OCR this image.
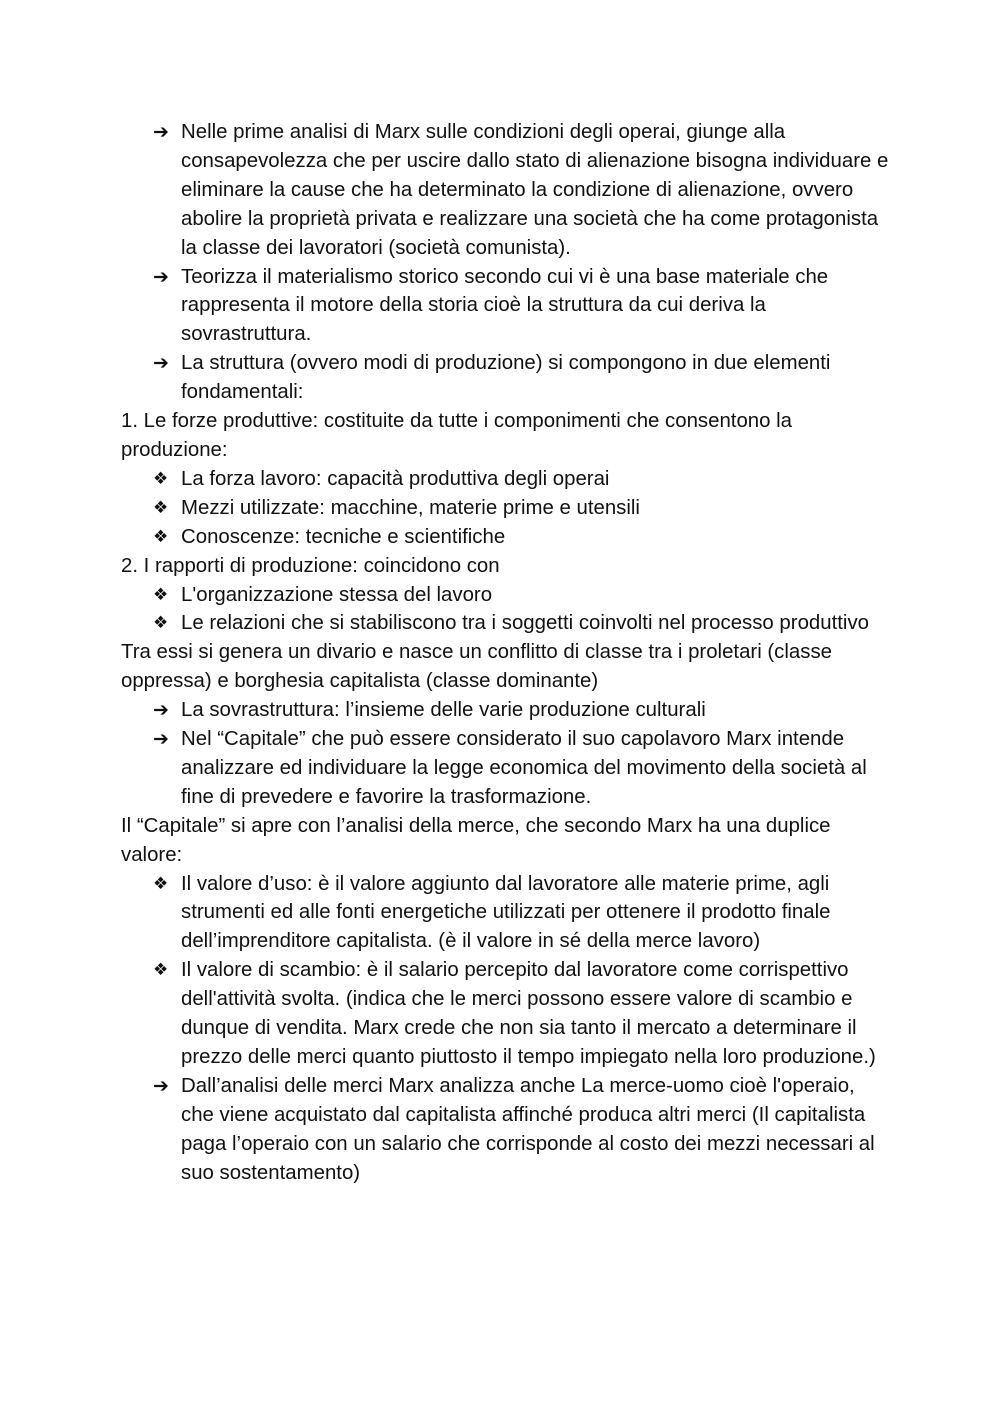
➔ Nelle prime analisi di Marx sulle condizioni degli operai, giunge alla consapevolezza che per uscire dallo stato di alienazione bisogna individuare e eliminare la cause che ha determinato la condizione di alienazione, ovvero abolire la proprietà privata e realizzare una società che ha come protagonista la classe dei lavoratori (società comunista).
➔ Teorizza il materialismo storico secondo cui vi è una base materiale che rappresenta il motore della storia cioè la struttura da cui deriva la sovrastruttura.
➔ La struttura (ovvero modi di produzione) si compongono in due elementi fondamentali:

1. Le forze produttive: costituite da tutte i componimenti che consentono la produzione:

❖ La forza lavoro: capacità produttiva degli operai
❖ Mezzi utilizzate: macchine, materie prime e utensili
❖ Conoscenze: tecniche e scientifiche

2. I rapporti di produzione: coincidono con

❖ L'organizzazione stessa del lavoro
❖ Le relazioni che si stabiliscono tra i soggetti coinvolti nel processo produttivo

Tra essi si genera un divario e nasce un conflitto di classe tra i proletari (classe oppressa) e borghesia capitalista (classe dominante)

➔ La sovrastruttura: l’insieme delle varie produzione culturali
➔ Nel “Capitale” che può essere considerato il suo capolavoro Marx intende analizzare ed individuare la legge economica del movimento della società al fine di prevedere e favorire la trasformazione.

Il “Capitale” si apre con l’analisi della merce, che secondo Marx ha una duplice valore:

❖ Il valore d’uso: è il valore aggiunto dal lavoratore alle materie prime, agli strumenti ed alle fonti energetiche utilizzati per ottenere il prodotto finale dell’imprenditore capitalista. (è il valore in sé della merce lavoro)
❖ Il valore di scambio: è il salario percepito dal lavoratore come corrispettivo dell'attività svolta. (indica che le merci possono essere valore di scambio e dunque di vendita. Marx crede che non sia tanto il mercato a determinare il prezzo delle merci quanto piuttosto il tempo impiegato nella loro produzione.)
➔ Dall’analisi delle merci Marx analizza anche La merce-uomo cioè l'operaio, che viene acquistato dal capitalista affinché produca altri merci (Il capitalista paga l’operaio con un salario che corrisponde al costo dei mezzi necessari al suo sostentamento)
